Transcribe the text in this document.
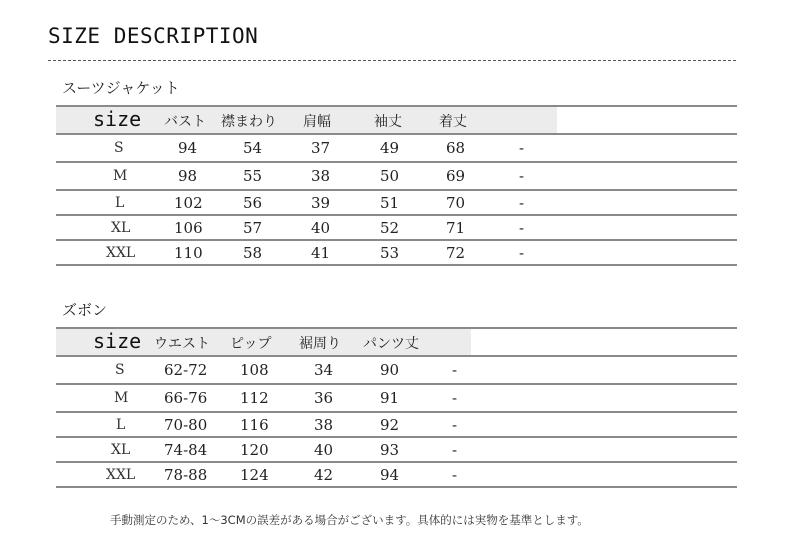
SIZE DESCRIPTION
スーツジャケット
size バスト 襟まわり 肩幅	袖丈	着丈
S	94	54	37	49	68	-
M	98	55	38	50	69	-
L	102	56	39	51	70	-
XL	106	57	40	52	71	-
XXL	110	58	41	53	72	-
ズボン
size ウエスト ピップ 裾周り パンツ丈
S	62-72 108	34	90	-
M 66-76 112	36	91	-
L	70-80 116	38	92	-
XL 74-84 120	40	93	-
XXL 78-88 124	42	94	-
手動測定のため、1〜3CMの誤差がある場合がございます。具体的には実物を基準とします。
